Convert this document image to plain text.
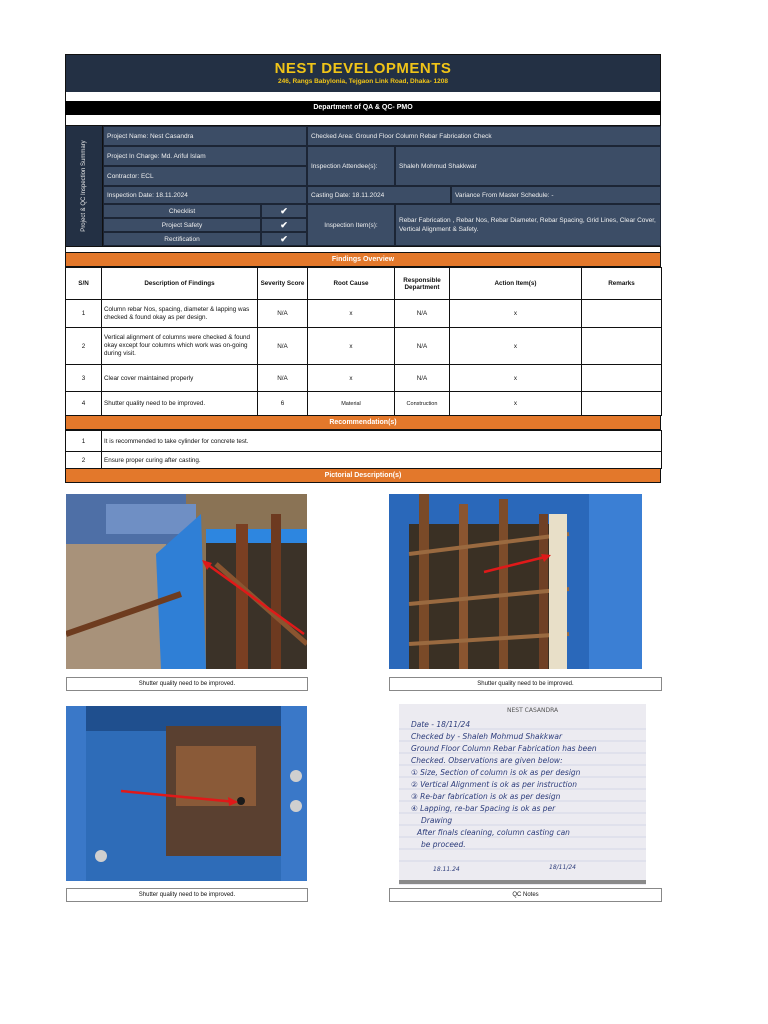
NEST DEVELOPMENTS
246, Rangs Babylonia, Tejgaon Link Road, Dhaka- 1208
Department of QA & QC- PMO
Project & QC Inspection Summary
Project Name: Nest Casandra	Checked Area: Ground Floor Column Rebar Fabrication Check
Project In Charge: Md. Ariful Islam
Inspection Attendee(s):	Shaleh Mohmud Shakkwar
Contractor: ECL
Inspection Date: 18.11.2024	Casting Date: 18.11.2024	Variance From Master Schedule: -
Checklist	✔
Project Safety	✔
Rectification	✔
Inspection Item(s):
Rebar Fabrication , Rebar Nos, Rebar Diameter, Rebar Spacing, Grid Lines, Clear Cover, Vertical Alignment & Safety.
Findings Overview
S/N	Description of Findings	Severity Score	Root Cause	Responsible Department	Action Item(s)	Remarks
1	Column rebar Nos, spacing, diameter & lapping was checked & found okay as per design.	N/A	x	N/A	x	
2	Vertical alignment of columns were checked & found okay except four columns which work was on-going during visit.	N/A	x	N/A	x	
3	Clear cover maintained properly	N/A	x	N/A	x	
4	Shutter quality need to be improved.	6	Material	Construction	x	
Recommendation(s)
1	It is recommended to take cylinder for concrete test.
2	Ensure proper curing after casting.
Pictorial Description(s)
Shutter quality need to be improved.	Shutter quality need to be improved.
Shutter quality need to be improved.
NEST CASANDRA
Date - 18/11/24
Checked by - Shaleh Mohmud Shakkwar
Ground Floor Column Rebar Fabrication has been
Checked. Observations are given below:
① Size, Section of column is ok as per design
② Vertical Alignment is ok as per instruction
③ Re-bar fabrication is ok as per design
④ Lapping, re-bar Spacing is ok as per
Drawing
After finals cleaning, column casting can
be proceed.
18.11.24	18/11/24
QC Notes
